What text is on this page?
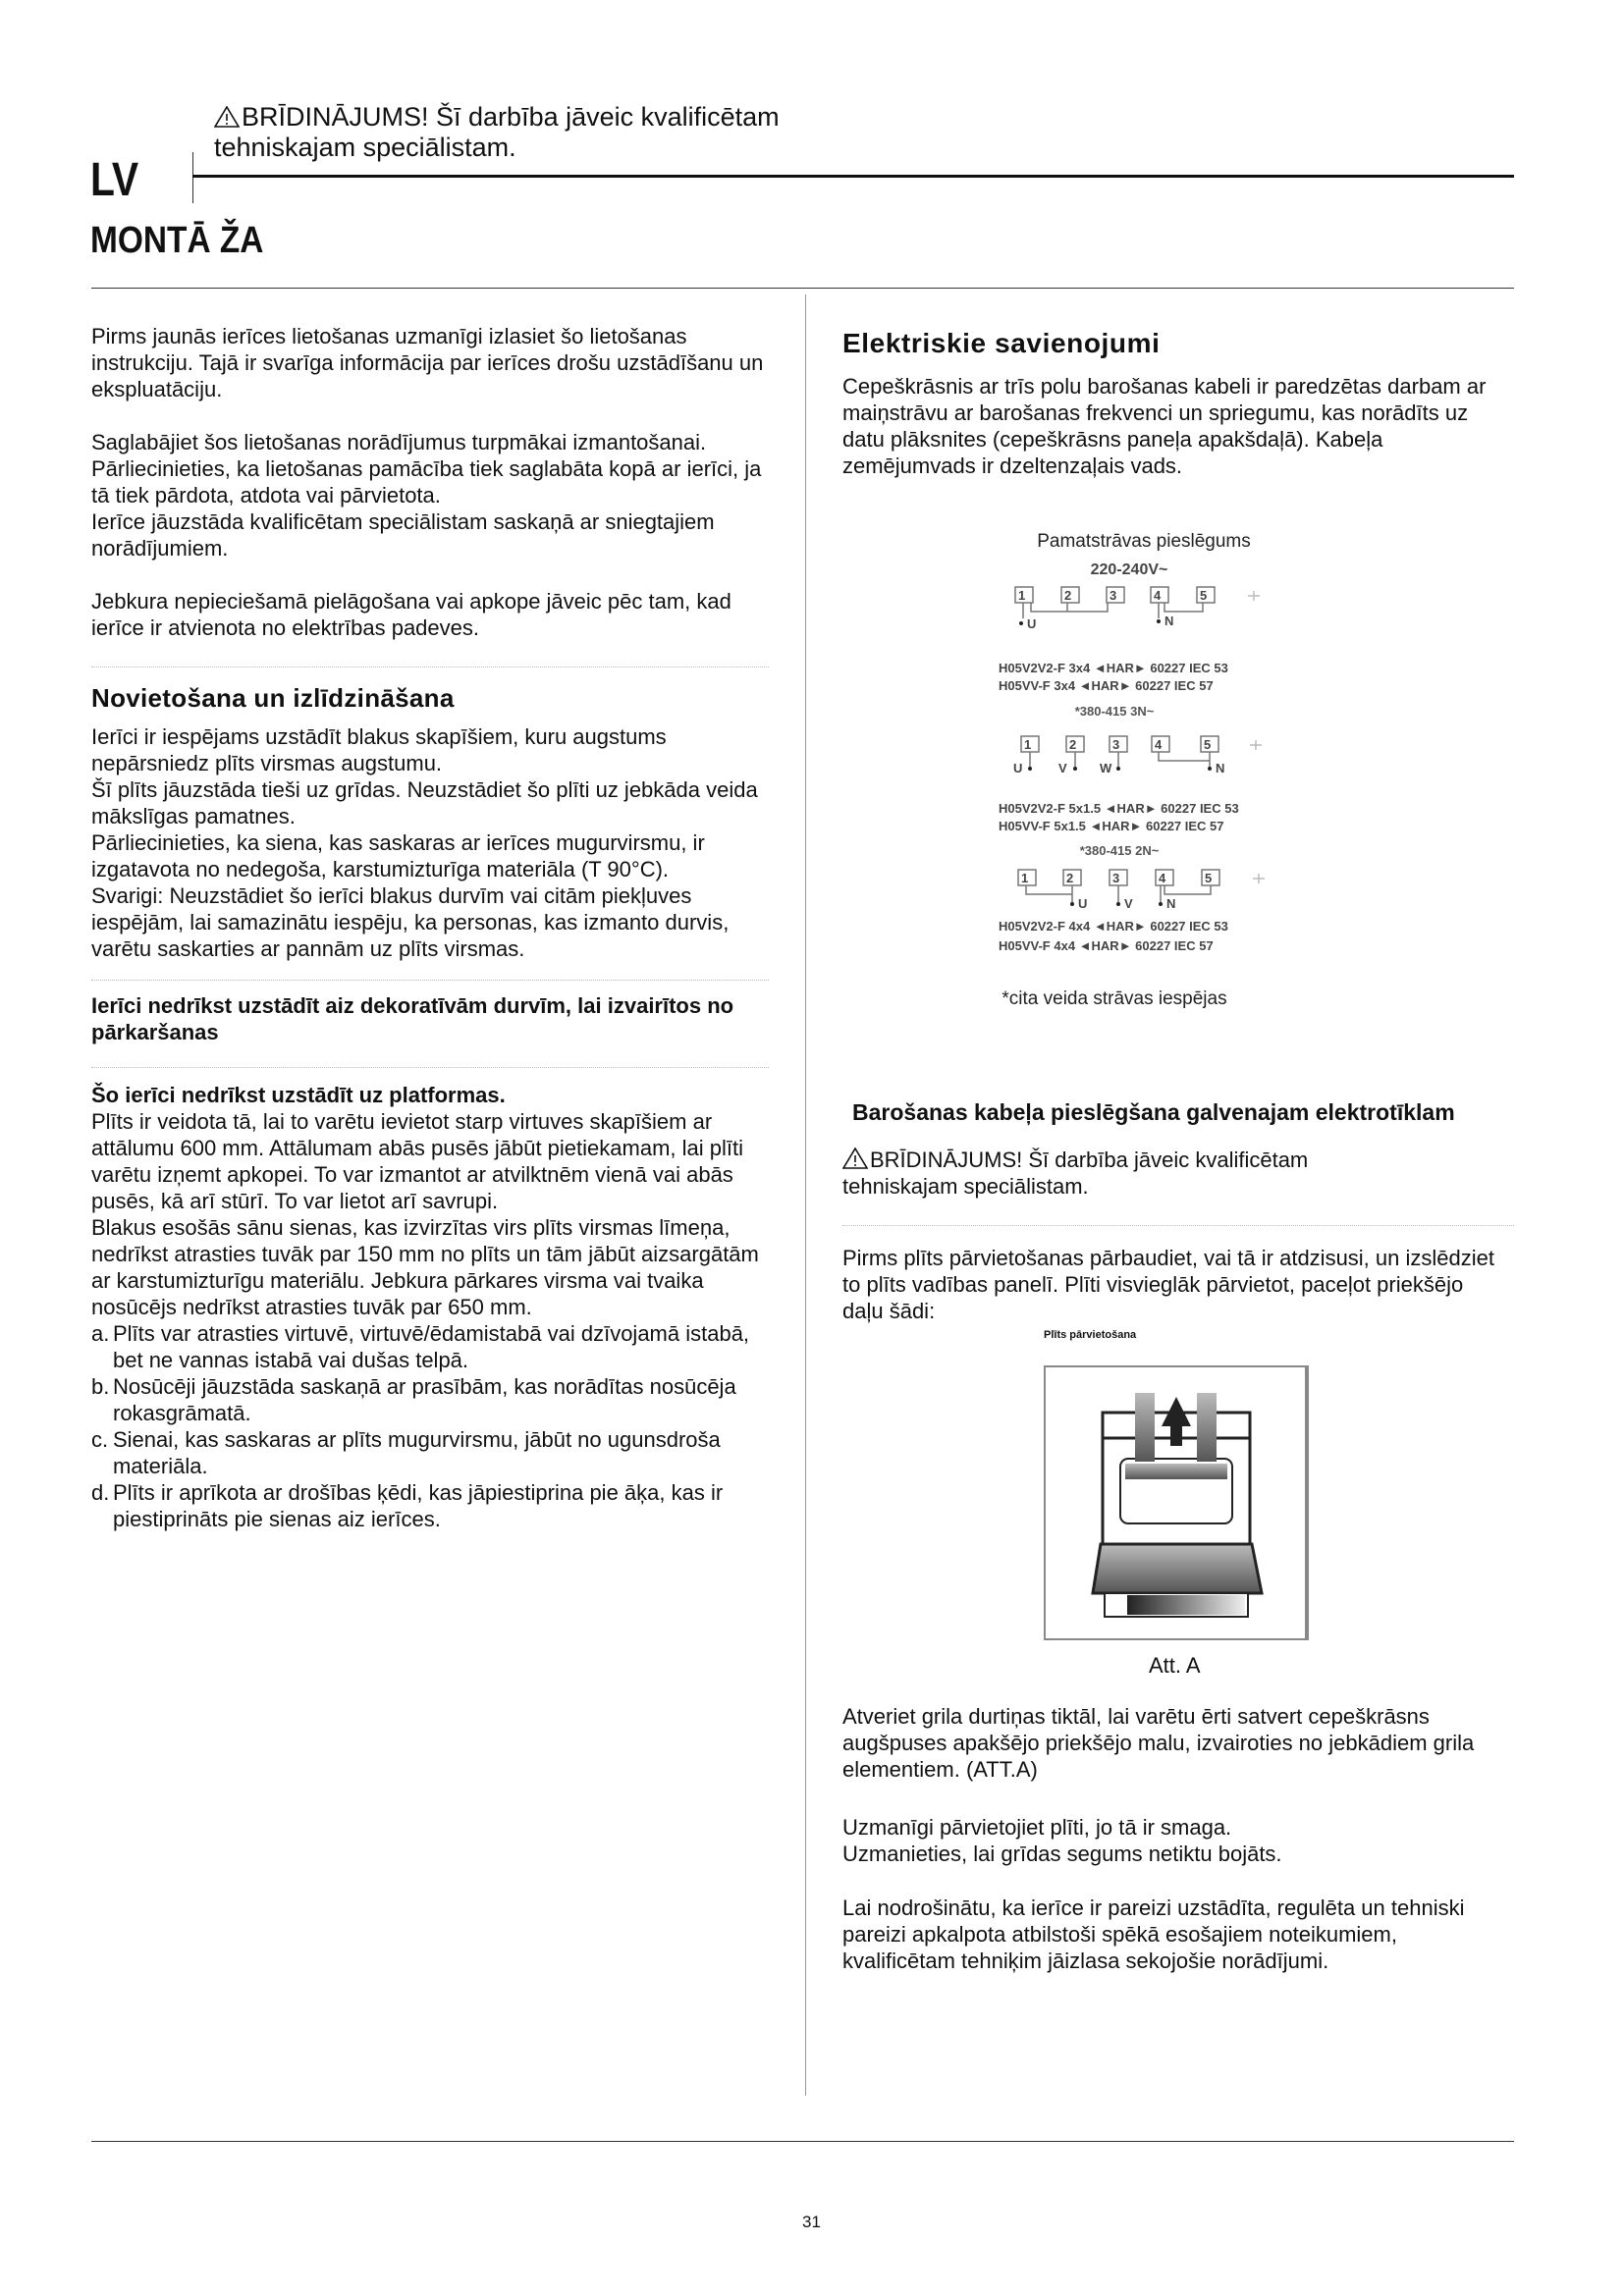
BRĪDINĀJUMS! Šī darbība jāveic kvalificētam
tehniskajam speciālistam.
LV
MONTĀ ŽA

Pirms jaunās ierīces lietošanas uzmanīgi izlasiet šo lietošanas instrukciju. Tajā ir svarīga informācija par ierīces drošu uzstādīšanu un ekspluatāciju.

Saglabājiet šos lietošanas norādījumus turpmākai izmantošanai. Pārliecinieties, ka lietošanas pamācība tiek saglabāta kopā ar ierīci, ja tā tiek pārdota, atdota vai pārvietota.

Ierīce jāuzstāda kvalificētam speciālistam saskaņā ar sniegtajiem norādījumiem.

Jebkura nepieciešamā pielāgošana vai apkope jāveic pēc tam, kad ierīce ir atvienota no elektrības padeves.

Novietošana un izlīdzināšana

Ierīci ir iespējams uzstādīt blakus skapīšiem, kuru augstums nepārsniedz plīts virsmas augstumu.

Šī plīts jāuzstāda tieši uz grīdas. Neuzstādiet šo plīti uz jebkāda veida mākslīgas pamatnes.

Pārliecinieties, ka siena, kas saskaras ar ierīces mugurvirsmu, ir izgatavota no nedegoša, karstumizturīga materiāla (T 90°C).

Svarigi: Neuzstādiet šo ierīci blakus durvīm vai citām piekļuves iespējām, lai samazinātu iespēju, ka personas, kas izmanto durvis, varētu saskarties ar pannām uz plīts virsmas.

Ierīci nedrīkst uzstādīt aiz dekoratīvām durvīm, lai izvairītos no pārkaršanas

Šo ierīci nedrīkst uzstādīt uz platformas.

Plīts ir veidota tā, lai to varētu ievietot starp virtuves skapīšiem ar attālumu 600 mm. Attālumam abās pusēs jābūt pietiekamam, lai plīti varētu izņemt apkopei. To var izmantot ar atvilktnēm vienā vai abās pusēs, kā arī stūrī. To var lietot arī savrupi.

Blakus esošās sānu sienas, kas izvirzītas virs plīts virsmas līmeņa, nedrīkst atrasties tuvāk par 150 mm no plīts un tām jābūt aizsargātām ar karstumizturīgu materiālu. Jebkura pārkares virsma vai tvaika nosūcējs nedrīkst atrasties tuvāk par 650 mm.

a. Plīts var atrasties virtuvē, virtuvē/ēdamistabā vai dzīvojamā istabā, bet ne vannas istabā vai dušas telpā.
b. Nosūcēji jāuzstāda saskaņā ar prasībām, kas norādītas nosūcēja rokasgrāmatā.
c. Sienai, kas saskaras ar plīts mugurvirsmu, jābūt no ugunsdroša materiāla.
d. Plīts ir aprīkota ar drošības ķēdi, kas jāpiestiprina pie āķa, kas ir piestiprināts pie sienas aiz ierīces.
Elektriskie savienojumi
Cepeškrāsnis ar trīs polu barošanas kabeli ir paredzētas darbam ar maiņstrāvu ar barošanas frekvenci un spriegumu, kas norādīts uz datu plāksnites (cepeškrāsns paneļa apakšdaļā). Kabeļa zemējumvads ir dzeltenzaļais vads.
Pamatstrāvas pieslēgums
220-240V~
1	2	3	4	5
U	N
H05V2V2-F 3x4 ◄HAR► 60227 IEC 53
H05VV-F 3x4 ◄HAR► 60227 IEC 57
*380-415 3N~
1	2	3	4	5
U	V	W	N
H05V2V2-F 5x1.5 ◄HAR► 60227 IEC 53
H05VV-F 5x1.5 ◄HAR► 60227 IEC 57
*380-415 2N~
1	2	3	4	5
U	V	N
H05V2V2-F 4x4 ◄HAR► 60227 IEC 53
H05VV-F 4x4 ◄HAR► 60227 IEC 57
*cita veida strāvas iespējas
Barošanas kabeļa pieslēgšana galvenajam elektrotīklam
BRĪDINĀJUMS! Šī darbība jāveic kvalificētam
tehniskajam speciālistam.
Pirms plīts pārvietošanas pārbaudiet, vai tā ir atdzisusi, un izslēdziet to plīts vadības panelī. Plīti visvieglāk pārvietot, paceļot priekšējo daļu šādi:
Plīts pārvietošana
Att. A
Atveriet grila durtiņas tiktāl, lai varētu ērti satvert cepeškrāsns augšpuses apakšējo priekšējo malu, izvairoties no jebkādiem grila elementiem. (ATT.A)
Uzmanīgi pārvietojiet plīti, jo tā ir smaga.
Uzmanieties, lai grīdas segums netiktu bojāts.
Lai nodrošinātu, ka ierīce ir pareizi uzstādīta, regulēta un tehniski pareizi apkalpota atbilstoši spēkā esošajiem noteikumiem, kvalificētam tehniķim jāizlasa sekojošie norādījumi.
31
